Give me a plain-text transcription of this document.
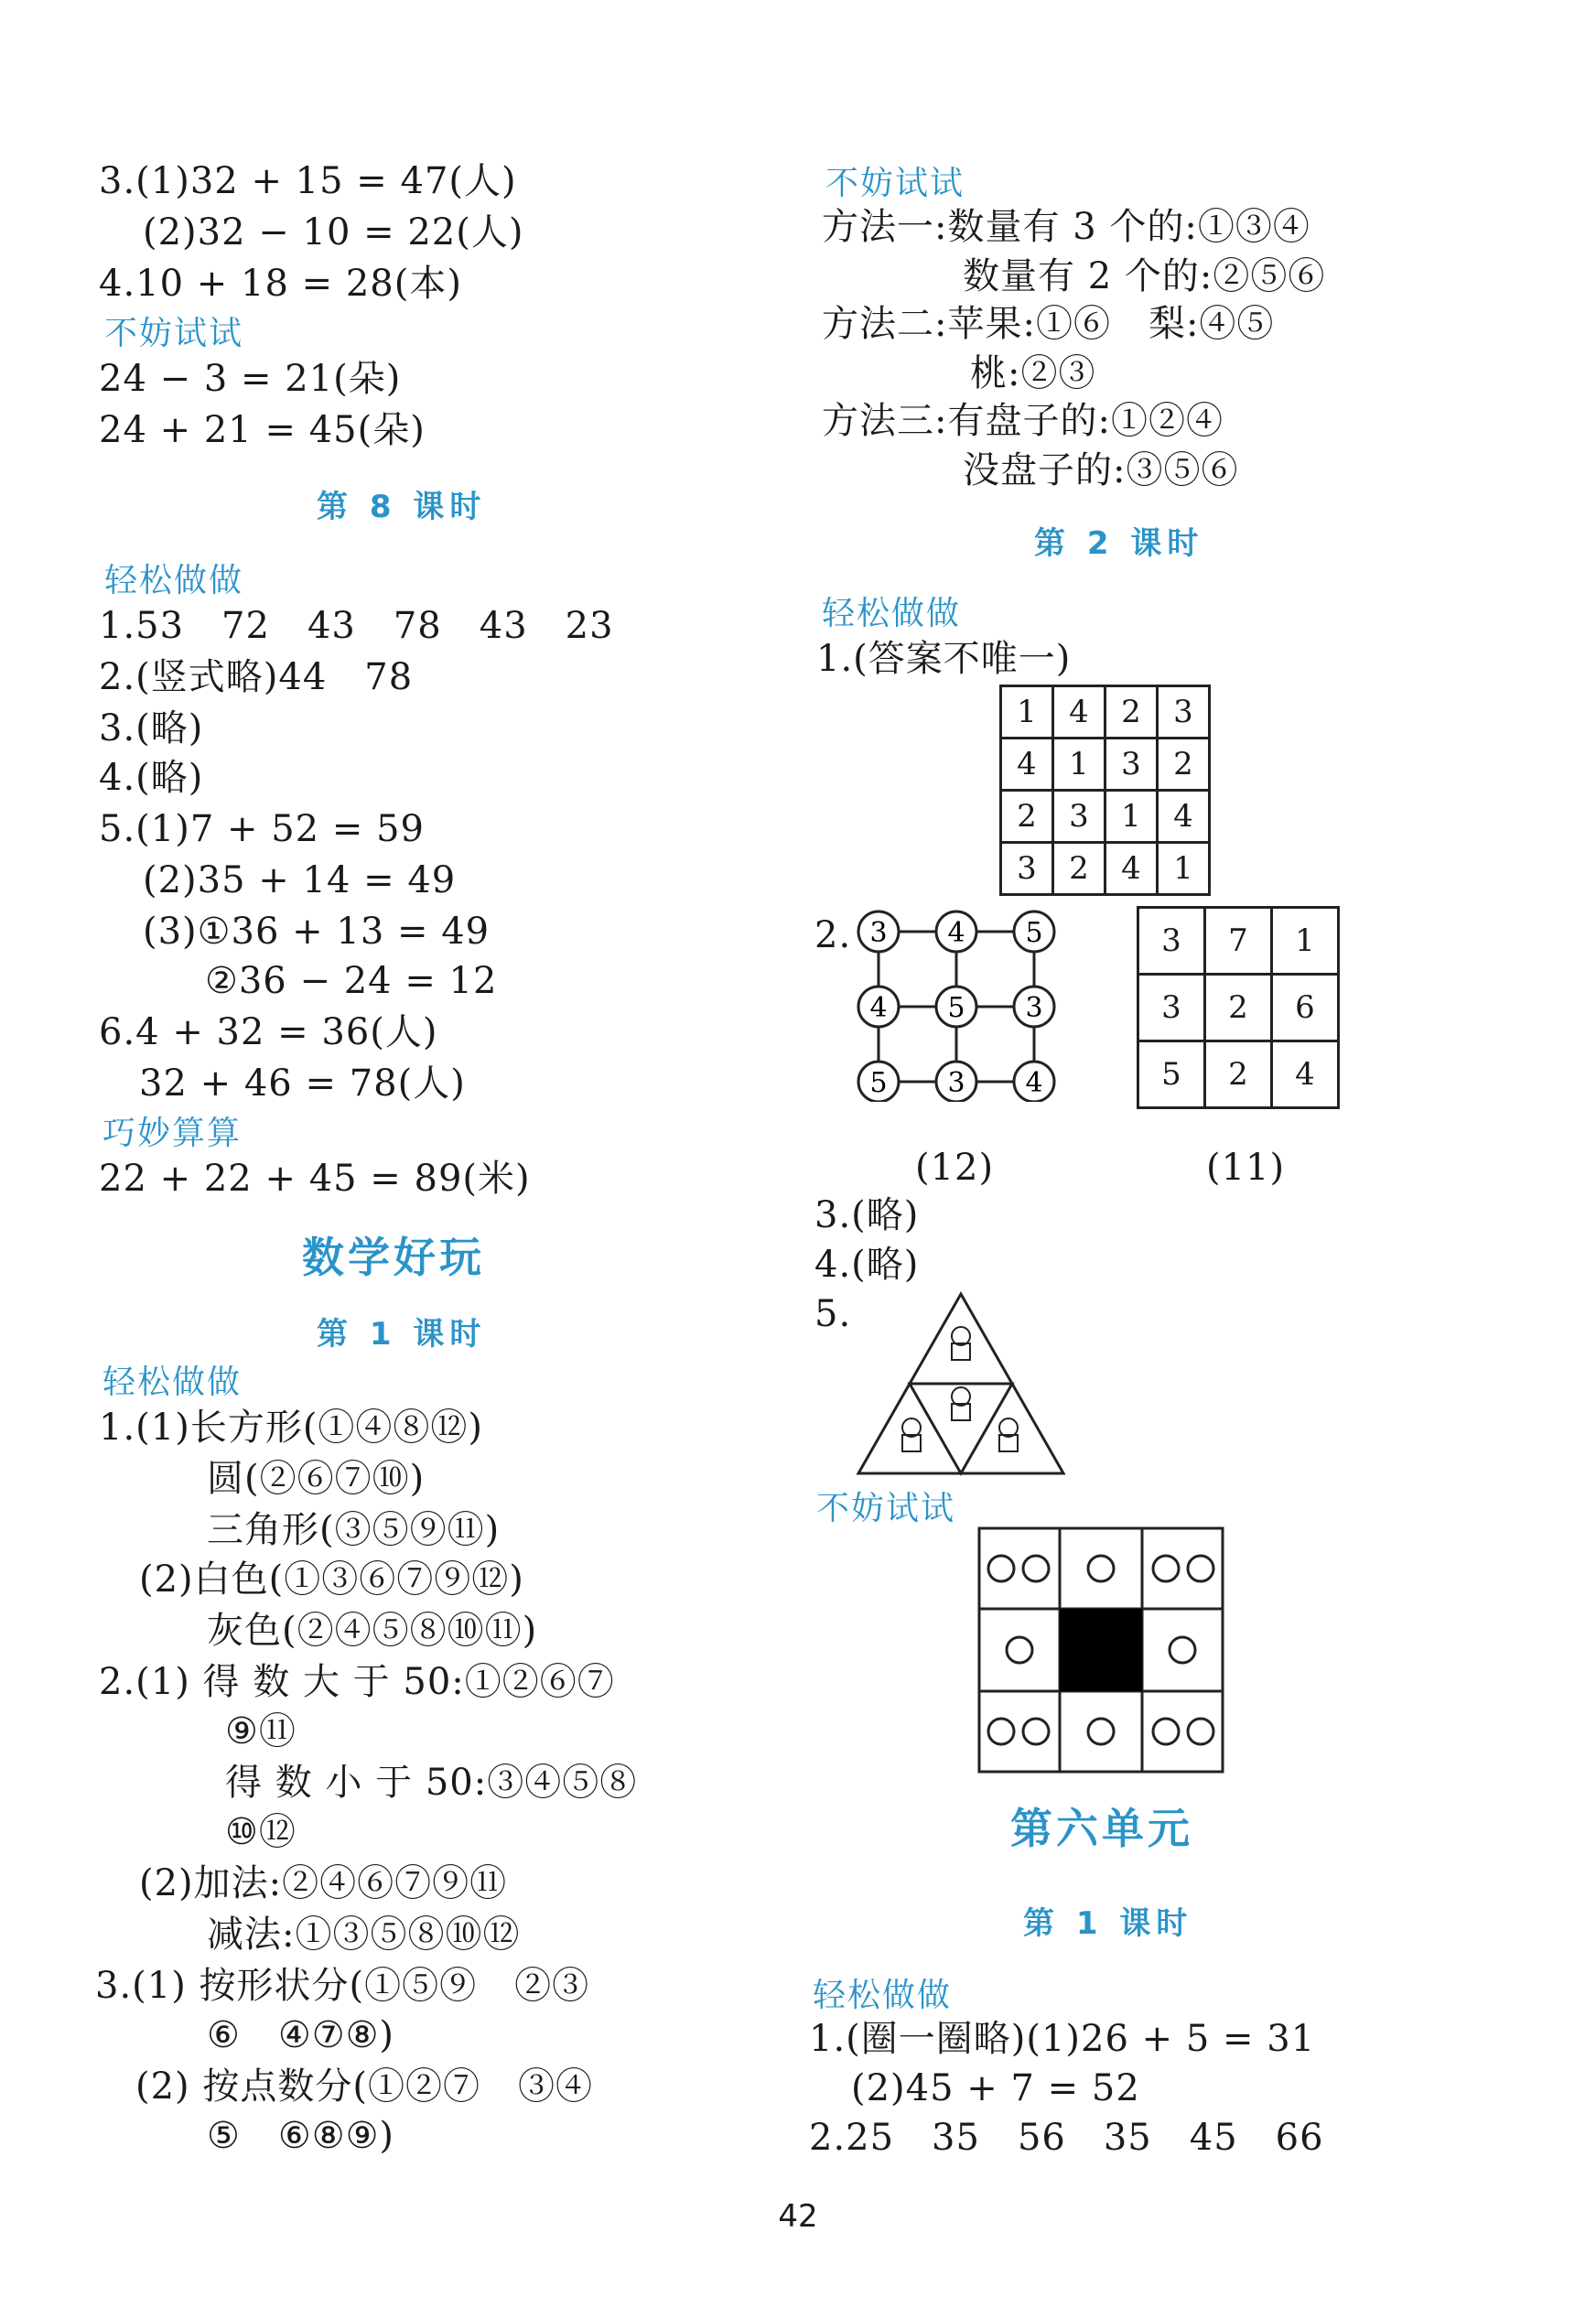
3.(1)32 + 15 = 47(人)
(2)32 − 10 = 22(人)
4.10 + 18 = 28(本)
不妨试试
24 − 3 = 21(朵)
24 + 21 = 45(朵)
第 8 课时
轻松做做
1.53　72　43　78　43　23
2.(竖式略)44　78
3.(略)
4.(略)
5.(1)7 + 52 = 59
(2)35 + 14 = 49
(3)①36 + 13 = 49
②36 − 24 = 12
6.4 + 32 = 36(人)
32 + 46 = 78(人)
巧妙算算
22 + 22 + 45 = 89(米)
数学好玩
第 1 课时
轻松做做
1.(1)长方形(①④⑧⑫)
圆(②⑥⑦⑩)
三角形(③⑤⑨⑪)
(2)白色(①③⑥⑦⑨⑫)
灰色(②④⑤⑧⑩⑪)
2.(1) 得 数 大 于 50:①②⑥⑦
⑨⑪
得 数 小 于 50:③④⑤⑧
⑩⑫
(2)加法:②④⑥⑦⑨⑪
减法:①③⑤⑧⑩⑫
3.(1) 按形状分(①⑤⑨　②③
⑥　④⑦⑧)
(2) 按点数分(①②⑦　③④
⑤　⑥⑧⑨)
不妨试试
方法一:数量有 3 个的:①③④
数量有 2 个的:②⑤⑥
方法二:苹果:①⑥　梨:④⑤
桃:②③
方法三:有盘子的:①②④
没盘子的:③⑤⑥
第 2 课时
轻松做做
1.(答案不唯一)
1	4	2	3
4	1	3	2
2	3	1	4
3	2	4	1
2. 3 4 5
4 5 3
5 3 4
3	7	1
3	2	6
5	2	4
(12)	(11)
3.(略)
4.(略)
5.
不妨试试
第六单元
第 1 课时
轻松做做
1.(圈一圈略)(1)26 + 5 = 31
(2)45 + 7 = 52
2.25　35　56　35　45　66
42
